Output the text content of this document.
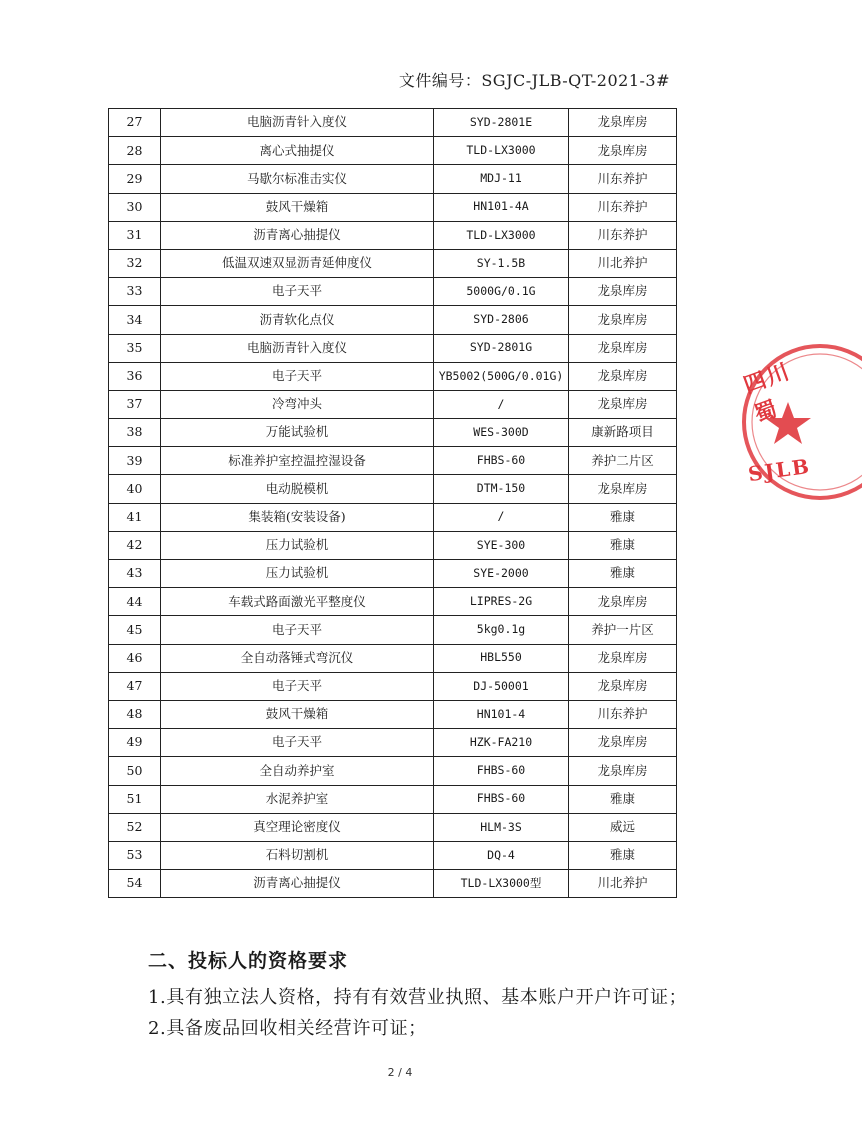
文件编号：SGJC-JLB-QT-2021-3#
27	电脑沥青针入度仪	SYD-2801E	龙泉库房
28	离心式抽提仪	TLD-LX3000	龙泉库房
29	马歇尔标准击实仪	MDJ-11	川东养护
30	鼓风干燥箱	HN101-4A	川东养护
31	沥青离心抽提仪	TLD-LX3000	川东养护
32	低温双速双显沥青延伸度仪	SY-1.5B	川北养护
33	电子天平	5000G/0.1G	龙泉库房
34	沥青软化点仪	SYD-2806	龙泉库房
35	电脑沥青针入度仪	SYD-2801G	龙泉库房
36	电子天平	YB5002(500G/0.01G)	龙泉库房
37	冷弯冲头	/	龙泉库房
38	万能试验机	WES-300D	康新路项目
39	标准养护室控温控湿设备	FHBS-60	养护二片区
40	电动脱模机	DTM-150	龙泉库房
41	集装箱(安装设备)	/	雅康
42	压力试验机	SYE-300	雅康
43	压力试验机	SYE-2000	雅康
44	车载式路面激光平整度仪	LIPRES-2G	龙泉库房
45	电子天平	5kg0.1g	养护一片区
46	全自动落锤式弯沉仪	HBL550	龙泉库房
47	电子天平	DJ-50001	龙泉库房
48	鼓风干燥箱	HN101-4	川东养护
49	电子天平	HZK-FA210	龙泉库房
50	全自动养护室	FHBS-60	龙泉库房
51	水泥养护室	FHBS-60	雅康
52	真空理论密度仪	HLM-3S	威远
53	石料切割机	DQ-4	雅康
54	沥青离心抽提仪	TLD-LX3000型	川北养护
二、投标人的资格要求
1.具有独立法人资格，持有有效营业执照、基本账户开户许可证；
2.具备废品回收相关经营许可证；
2 / 4
四川蜀
SJLB
